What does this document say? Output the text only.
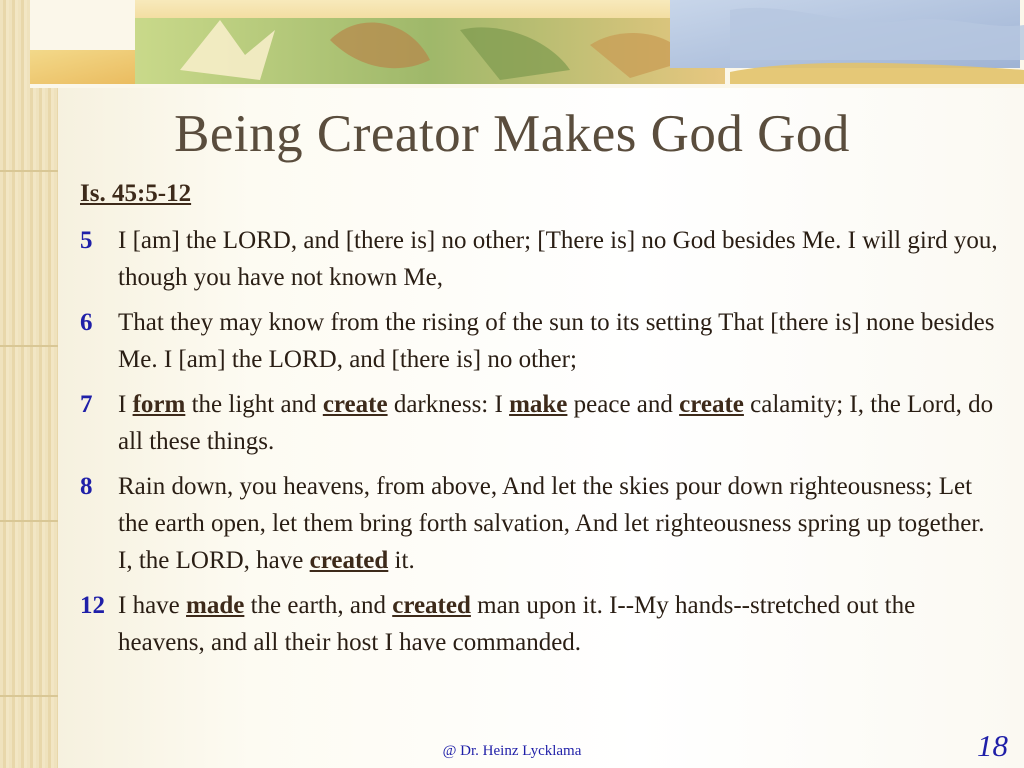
Being Creator Makes God God
Is. 45:5-12
5	I [am] the LORD, and [there is] no other; [There is] no God besides Me. I will gird you, though you have not known Me,
6	That they may know from the rising of the sun to its setting That [there is] none besides Me. I [am] the LORD, and [there is] no other;
7	I form the light and create darkness: I make peace and create calamity; I, the Lord, do all these things.
8	Rain down, you heavens, from above, And let the skies pour down righteousness; Let the earth open, let them bring forth salvation, And let righteousness spring up together. I, the LORD, have created it.
12 I have made the earth, and created man upon it. I--My hands--stretched out the heavens, and all their host I have commanded.
@ Dr. Heinz Lycklama	18
